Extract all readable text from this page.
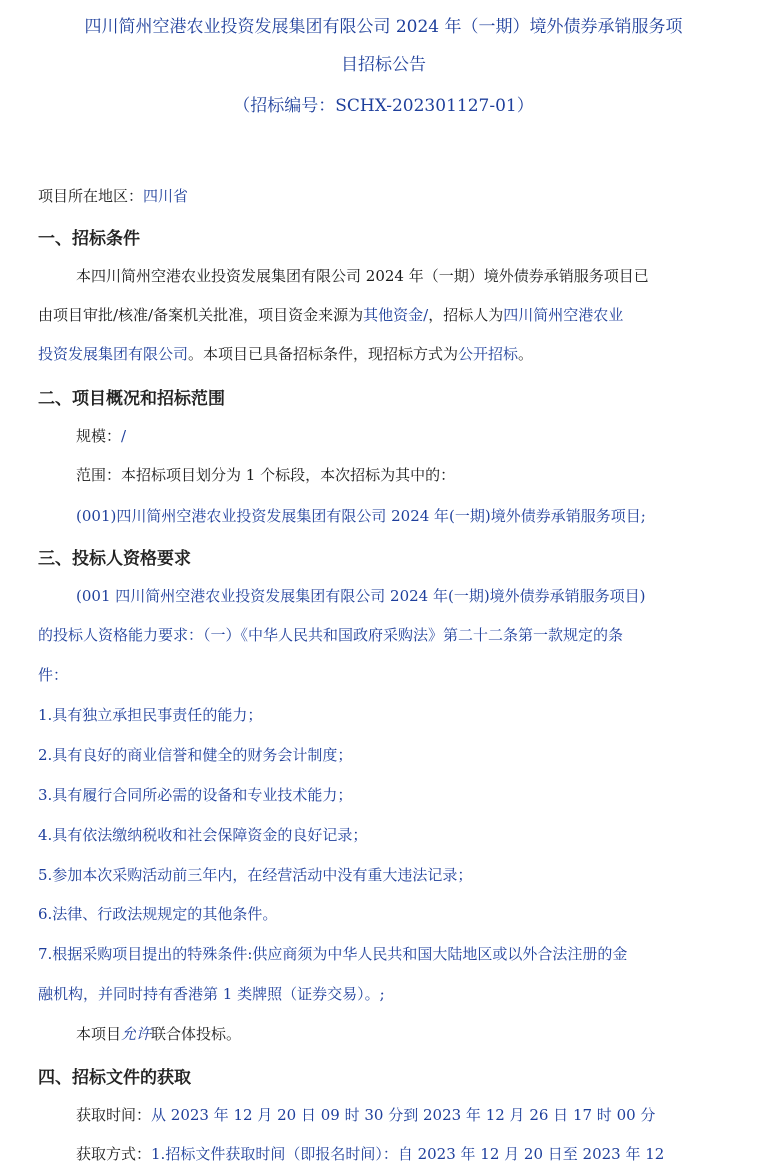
四川简州空港农业投资发展集团有限公司 2024 年（一期）境外债券承销服务项
目招标公告
（招标编号：SCHX-202301127-01）
项目所在地区：四川省
一、招标条件
本四川简州空港农业投资发展集团有限公司 2024 年（一期）境外债券承销服务项目已
由项目审批/核准/备案机关批准，项目资金来源为其他资金/，招标人为四川简州空港农业
投资发展集团有限公司。本项目已具备招标条件，现招标方式为公开招标。
二、项目概况和招标范围
规模：/
范围：本招标项目划分为 1 个标段，本次招标为其中的：
(001)四川简州空港农业投资发展集团有限公司 2024 年(一期)境外债券承销服务项目;
三、投标人资格要求
(001 四川简州空港农业投资发展集团有限公司 2024 年(一期)境外债券承销服务项目)
的投标人资格能力要求：（一）《中华人民共和国政府采购法》第二十二条第一款规定的条
件：
1.具有独立承担民事责任的能力；
2.具有良好的商业信誉和健全的财务会计制度；
3.具有履行合同所必需的设备和专业技术能力；
4.具有依法缴纳税收和社会保障资金的良好记录；
5.参加本次采购活动前三年内，在经营活动中没有重大违法记录；
6.法律、行政法规规定的其他条件。
7.根据采购项目提出的特殊条件:供应商须为中华人民共和国大陆地区或以外合法注册的金
融机构，并同时持有香港第 1 类牌照（证券交易）。;
本项目允许联合体投标。
四、招标文件的获取
获取时间：从 2023 年 12 月 20 日 09 时 30 分到 2023 年 12 月 26 日 17 时 00 分
获取方式：1.招标文件获取时间（即报名时间）：自 2023 年 12 月 20 日至 2023 年 12
